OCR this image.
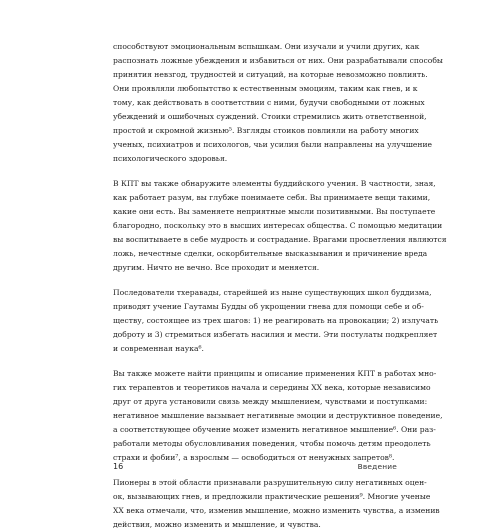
способствуют эмоциональным вспышкам. Они изучали и учили других, как
распознать ложные убеждения и избавиться от них. Они разрабатывали способы
принятия невзгод, трудностей и ситуаций, на которые невозможно повлиять.
Они проявляли любопытство к естественным эмоциям, таким как гнев, и к
тому, как действовать в соответствии с ними, будучи свободными от ложных
убеждений и ошибочных суждений. Стоики стремились жить ответственной,
простой и скромной жизнью⁵. Взгляды стоиков повлияли на работу многих
ученых, психиатров и психологов, чьи усилия были направлены на улучшение
психологического здоровья.

В КПТ вы также обнаружите элементы буддийского учения. В частности, зная,
как работает разум, вы глубже понимаете себя. Вы принимаете вещи такими,
какие они есть. Вы заменяете неприятные мысли позитивными. Вы поступаете
благородно, поскольку это в высших интересах общества. С помощью медитации
вы воспитываете в себе мудрость и сострадание. Врагами просветления являются
ложь, нечестные сделки, оскорбительные высказывания и причинение вреда
другим. Ничто не вечно. Все проходит и меняется.

Последователи тхеравады, старейшей из ныне существующих школ буддизма,
приводят учение Гаутамы Будды об укрощении гнева для помощи себе и об-
ществу, состоящее из трех шагов: 1) не реагировать на провокации; 2) излучать
доброту и 3) стремиться избегать насилия и мести. Эти постулаты подкрепляет
и современная наука⁶.

Вы также можете найти принципы и описание применения КПТ в работах мно-
гих терапевтов и теоретиков начала и середины XX века, которые независимо
друг от друга установили связь между мышлением, чувствами и поступками:
негативное мышление вызывает негативные эмоции и деструктивное поведение,
а соответствующее обучение может изменить негативное мышление⁶. Они раз-
работали методы обусловливания поведения, чтобы помочь детям преодолеть
страхи и фобии⁷, а взрослым — освободиться от ненужных запретов⁸.

Пионеры в этой области признавали разрушительную силу негативных оцен-
ок, вызывающих гнев, и предложили практические решения⁹. Многие ученые
XX века отмечали, что, изменив мышление, можно изменить чувства, а изменив
действия, можно изменить и мышление, и чувства.

16	Введение
